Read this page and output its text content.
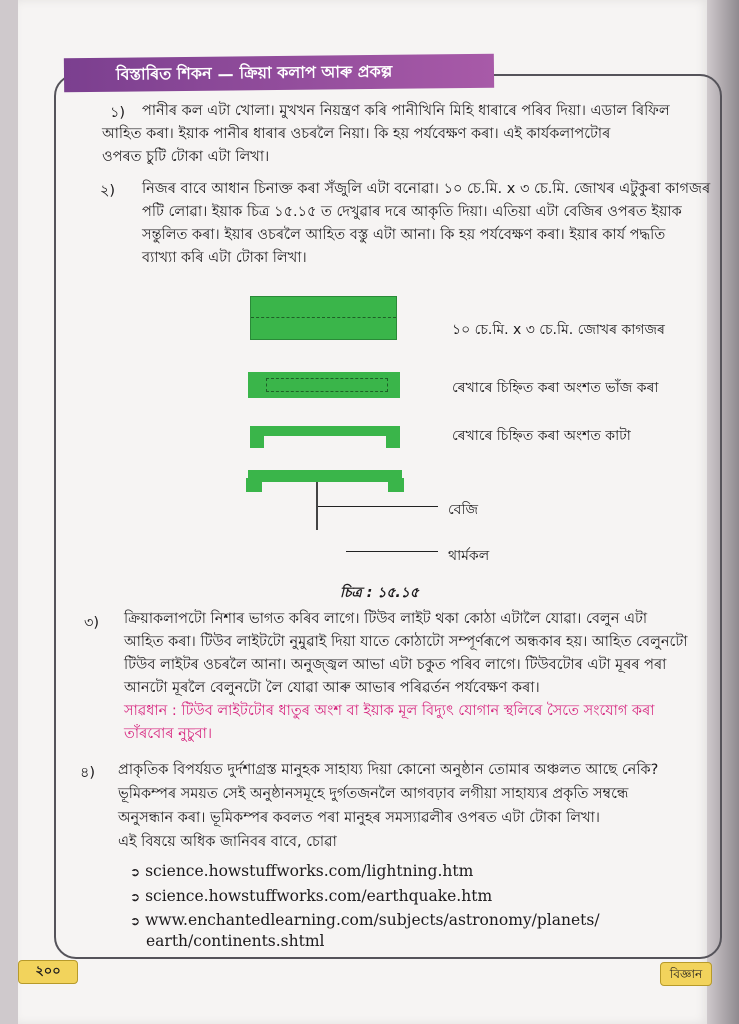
বিস্তাৰিত শিকন — ক্ৰিয়া কলাপ আৰু প্ৰকল্প
১) পানীৰ কল এটা খোলা। মুখখন নিয়ন্ত্ৰণ কৰি পানীখিনি মিহি ধাৰাৰে পৰিব দিয়া। এডাল ৰিফিল
আহিত কৰা। ইয়াক পানীৰ ধাৰাৰ ওচৰলৈ নিয়া। কি হয় পৰ্যবেক্ষণ কৰা। এই কাৰ্যকলাপটোৰ
ওপৰত চুটি টোকা এটা লিখা।
২) নিজৰ বাবে আধান চিনাক্ত কৰা সঁজুলি এটা বনোৱা। ১০ চে.মি. x ৩ চে.মি. জোখৰ এটুকুৰা কাগজৰ
পটি লোৱা। ইয়াক চিত্ৰ ১৫.১৫ ত দেখুৱাৰ দৰে আকৃতি দিয়া। এতিয়া এটা বেজিৰ ওপৰত ইয়াক
সন্তুলিত কৰা। ইয়াৰ ওচৰলৈ আহিত বস্তু এটা আনা। কি হয় পৰ্যবেক্ষণ কৰা। ইয়াৰ কাৰ্য পদ্ধতি
ব্যাখ্যা কৰি এটা টোকা লিখা।
১০ চে.মি. x ৩ চে.মি. জোখৰ কাগজৰ
ৰেখাৰে চিহ্নিত কৰা অংশত ভাঁজ কৰা
ৰেখাৰে চিহ্নিত কৰা অংশত কাটা
বেজি
থাৰ্মকল
চিত্ৰ : ১৫.১৫
৩) ক্ৰিয়াকলাপটো নিশাৰ ভাগত কৰিব লাগে। টিউব লাইট থকা কোঠা এটালৈ যোৱা। বেলুন এটা
আহিত কৰা। টিউব লাইটটো নুমুৱাই দিয়া যাতে কোঠাটো সম্পূৰ্ণৰূপে অন্ধকাৰ হয়। আহিত বেলুনটো
টিউব লাইটৰ ওচৰলৈ আনা। অনুজ্জ্বল আভা এটা চকুত পৰিব লাগে। টিউবটোৰ এটা মূৰৰ পৰা
আনটো মূৰলৈ বেলুনটো লৈ যোৱা আৰু আভাৰ পৰিৱৰ্তন পৰ্যবেক্ষণ কৰা।
সাৱধান : টিউব লাইটটোৰ ধাতুৰ অংশ বা ইয়াক মূল বিদ্যুৎ যোগান স্থলিৰে সৈতে সংযোগ কৰা
তাঁৰবোৰ নুচুবা।
৪) প্ৰাকৃতিক বিপৰ্যয়ত দুৰ্দশাগ্ৰস্ত মানুহক সাহায্য দিয়া কোনো অনুষ্ঠান তোমাৰ অঞ্চলত আছে নেকি?
ভূমিকম্পৰ সময়ত সেই অনুষ্ঠানসমূহে দুৰ্গতজনলৈ আগবঢ়াব লগীয়া সাহায্যৰ প্ৰকৃতি সম্বন্ধে
অনুসন্ধান কৰা। ভূমিকম্পৰ কবলত পৰা মানুহৰ সমস্যাৱলীৰ ওপৰত এটা টোকা লিখা।
এই বিষয়ে অধিক জানিবৰ বাবে, চোৱা
➲ science.howstuffworks.com/lightning.htm
➲ science.howstuffworks.com/earthquake.htm
➲ www.enchantedlearning.com/subjects/astronomy/planets/
earth/continents.shtml
২০০	বিজ্ঞান
